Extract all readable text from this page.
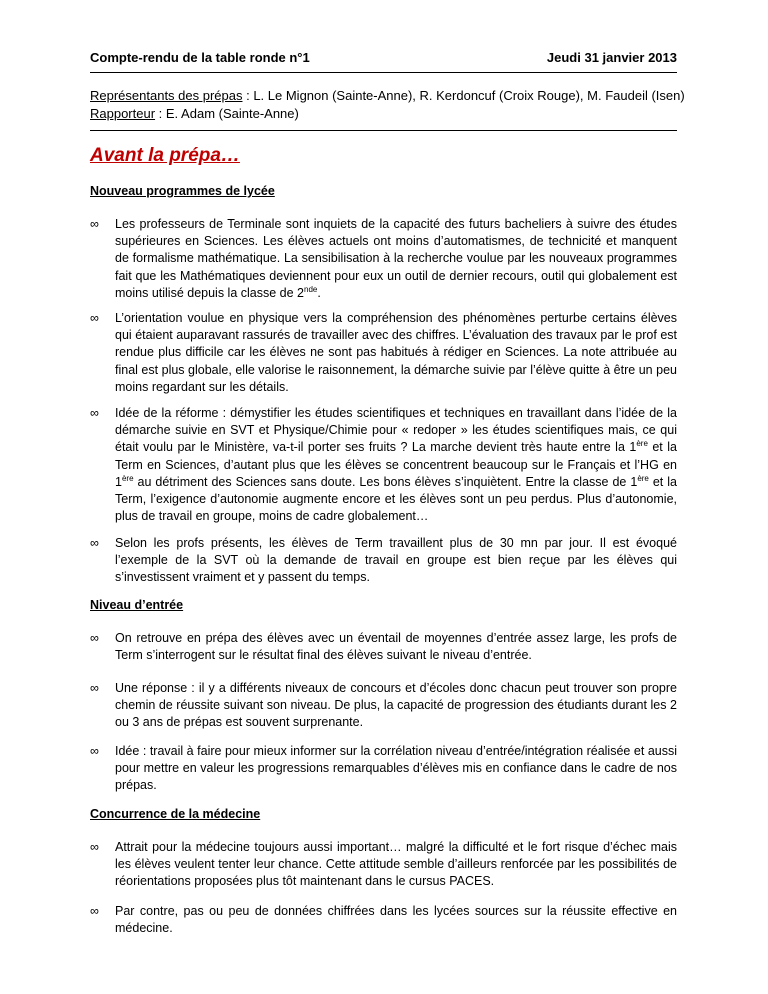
Compte-rendu de la table ronde n°1	Jeudi 31 janvier 2013
Représentants des prépas : L. Le Mignon (Sainte-Anne), R. Kerdoncuf (Croix Rouge), M. Faudeil (Isen)
Rapporteur : E. Adam (Sainte-Anne)
Avant la prépa…
Nouveau programmes de lycée
∞	Les professeurs de Terminale sont inquiets de la capacité des futurs bacheliers à suivre des études supérieures en Sciences. Les élèves actuels ont moins d’automatismes, de technicité et manquent de formalisme mathématique. La sensibilisation à la recherche voulue par les nouveaux programmes fait que les Mathématiques deviennent pour eux un outil de dernier recours, outil qui globalement est moins utilisé depuis la classe de 2nde.
∞	L’orientation voulue en physique vers la compréhension des phénomènes perturbe certains élèves qui étaient auparavant rassurés de travailler avec des chiffres. L’évaluation des travaux par le prof est rendue plus difficile car les élèves ne sont pas habitués à rédiger en Sciences. La note attribuée au final est plus globale, elle valorise le raisonnement, la démarche suivie par l’élève quitte à être un peu moins regardant sur les détails.
∞	Idée de la réforme : démystifier les études scientifiques et techniques en travaillant dans l’idée de la démarche suivie en SVT et Physique/Chimie pour « redoper » les études scientifiques mais, ce qui était voulu par le Ministère, va-t-il porter ses fruits ? La marche devient très haute entre la 1ère et la Term en Sciences, d’autant plus que les élèves se concentrent beaucoup sur le Français et l’HG en 1ère au détriment des Sciences sans doute. Les bons élèves s’inquiètent. Entre la classe de 1ère et la Term, l’exigence d’autonomie augmente encore et les élèves sont un peu perdus. Plus d’autonomie, plus de travail en groupe, moins de cadre globalement…
∞	Selon les profs présents, les élèves de Term travaillent plus de 30 mn par jour. Il est évoqué l’exemple de la SVT où la demande de travail en groupe est bien reçue par les élèves qui s’investissent vraiment et y passent du temps.
Niveau d’entrée
∞	On retrouve en prépa des élèves avec un éventail de moyennes d’entrée assez large, les profs de Term s’interrogent sur le résultat final des élèves suivant le niveau d’entrée.
∞	Une réponse : il y a différents niveaux de concours et d’écoles donc chacun peut trouver son propre chemin de réussite suivant son niveau. De plus, la capacité de progression des étudiants durant les 2 ou 3 ans de prépas est souvent surprenante.
∞	Idée : travail à faire pour mieux informer sur la corrélation niveau d’entrée/intégration réalisée et aussi pour mettre en valeur les progressions remarquables d’élèves mis en confiance dans le cadre de nos prépas.
Concurrence de la médecine
∞	Attrait pour la médecine toujours aussi important… malgré la difficulté et le fort risque d’échec mais les élèves veulent tenter leur chance. Cette attitude semble d’ailleurs renforcée par les possibilités de réorientations proposées plus tôt maintenant dans le cursus PACES.
∞	Par contre, pas ou peu de données chiffrées dans les lycées sources sur la réussite effective en médecine.
